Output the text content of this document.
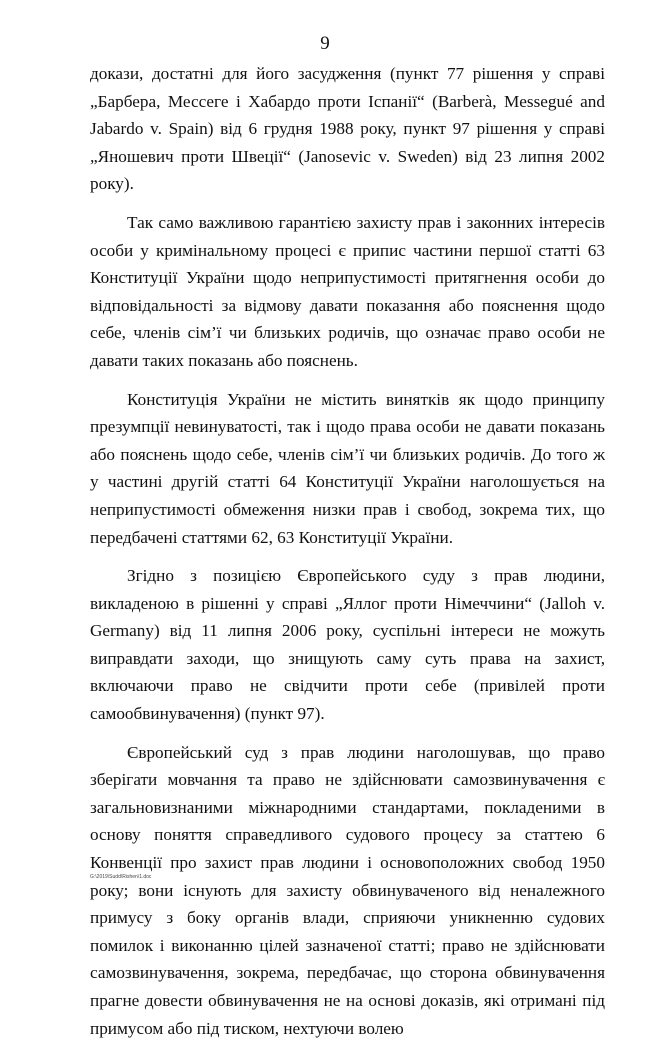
9

докази, достатні для його засудження (пункт 77 рішення у справі „Барбера, Мессеге і Хабардо проти Іспанії“ (Barberà, Messegué and Jabardo v. Spain) від 6 грудня 1988 року, пункт 97 рішення у справі „Яношевич проти Швеції“ (Janosevic v. Sweden) від 23 липня 2002 року).

Так само важливою гарантією захисту прав і законних інтересів особи у кримінальному процесі є припис частини першої статті 63 Конституції України щодо неприпустимості притягнення особи до відповідальності за відмову давати показання або пояснення щодо себе, членів сім’ї чи близьких родичів, що означає право особи не давати таких показань або пояснень.

Конституція України не містить винятків як щодо принципу презумпції невинуватості, так і щодо права особи не давати показань або пояснень щодо себе, членів сім’ї чи близьких родичів. До того ж у частині другій статті 64 Конституції України наголошується на неприпустимості обмеження низки прав і свобод, зокрема тих, що передбачені статтями 62, 63 Конституції України.

Згідно з позицією Європейського суду з прав людини, викладеною в рішенні у справі „Яллог проти Німеччини“ (Jalloh v. Germany) від 11 липня 2006 року, суспільні інтереси не можуть виправдати заходи, що знищують саму суть права на захист, включаючи право не свідчити проти себе (привілей проти самообвинувачення) (пункт 97).

Європейський суд з прав людини наголошував, що право зберігати мовчання та право не здійснювати самозвинувачення є загальновизнаними міжнародними стандартами, покладеними в основу поняття справедливого судового процесу за статтею 6 Конвенції про захист прав людини і основоположних свобод 1950 року; вони існують для захисту обвинуваченого від неналежного примусу з боку органів влади, сприяючи уникненню судових помилок і виконанню цілей зазначеної статті; право не здійснювати самозвинувачення, зокрема, передбачає, що сторона обвинувачення прагне довести обвинувачення не на основі доказів, які отримані під примусом або під тиском, нехтуючи волею

G:\2019\Sudd\Rishen\1.doc
